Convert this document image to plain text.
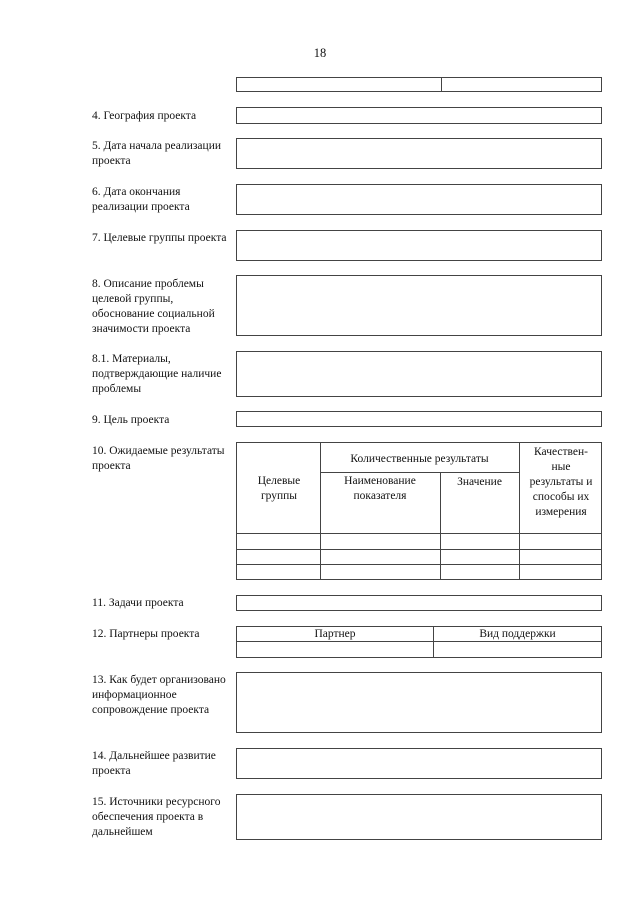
18
4. География проекта
5. Дата начала реализации проекта
6. Дата окончания реализации проекта
7. Целевые группы проекта
8. Описание проблемы целевой группы, обоснование социальной значимости проекта
8.1. Материалы, подтверждающие наличие проблемы
9. Цель проекта
10. Ожидаемые результаты проекта
Целевые группы
Количественные результаты
Наименование показателя
Значение
Качествен-ные результаты и способы их измерения
11. Задачи проекта
12. Партнеры проекта	Партнер	Вид поддержки
13. Как будет организовано информационное сопровождение проекта
14. Дальнейшее развитие проекта
15. Источники ресурсного обеспечения проекта в дальнейшем
